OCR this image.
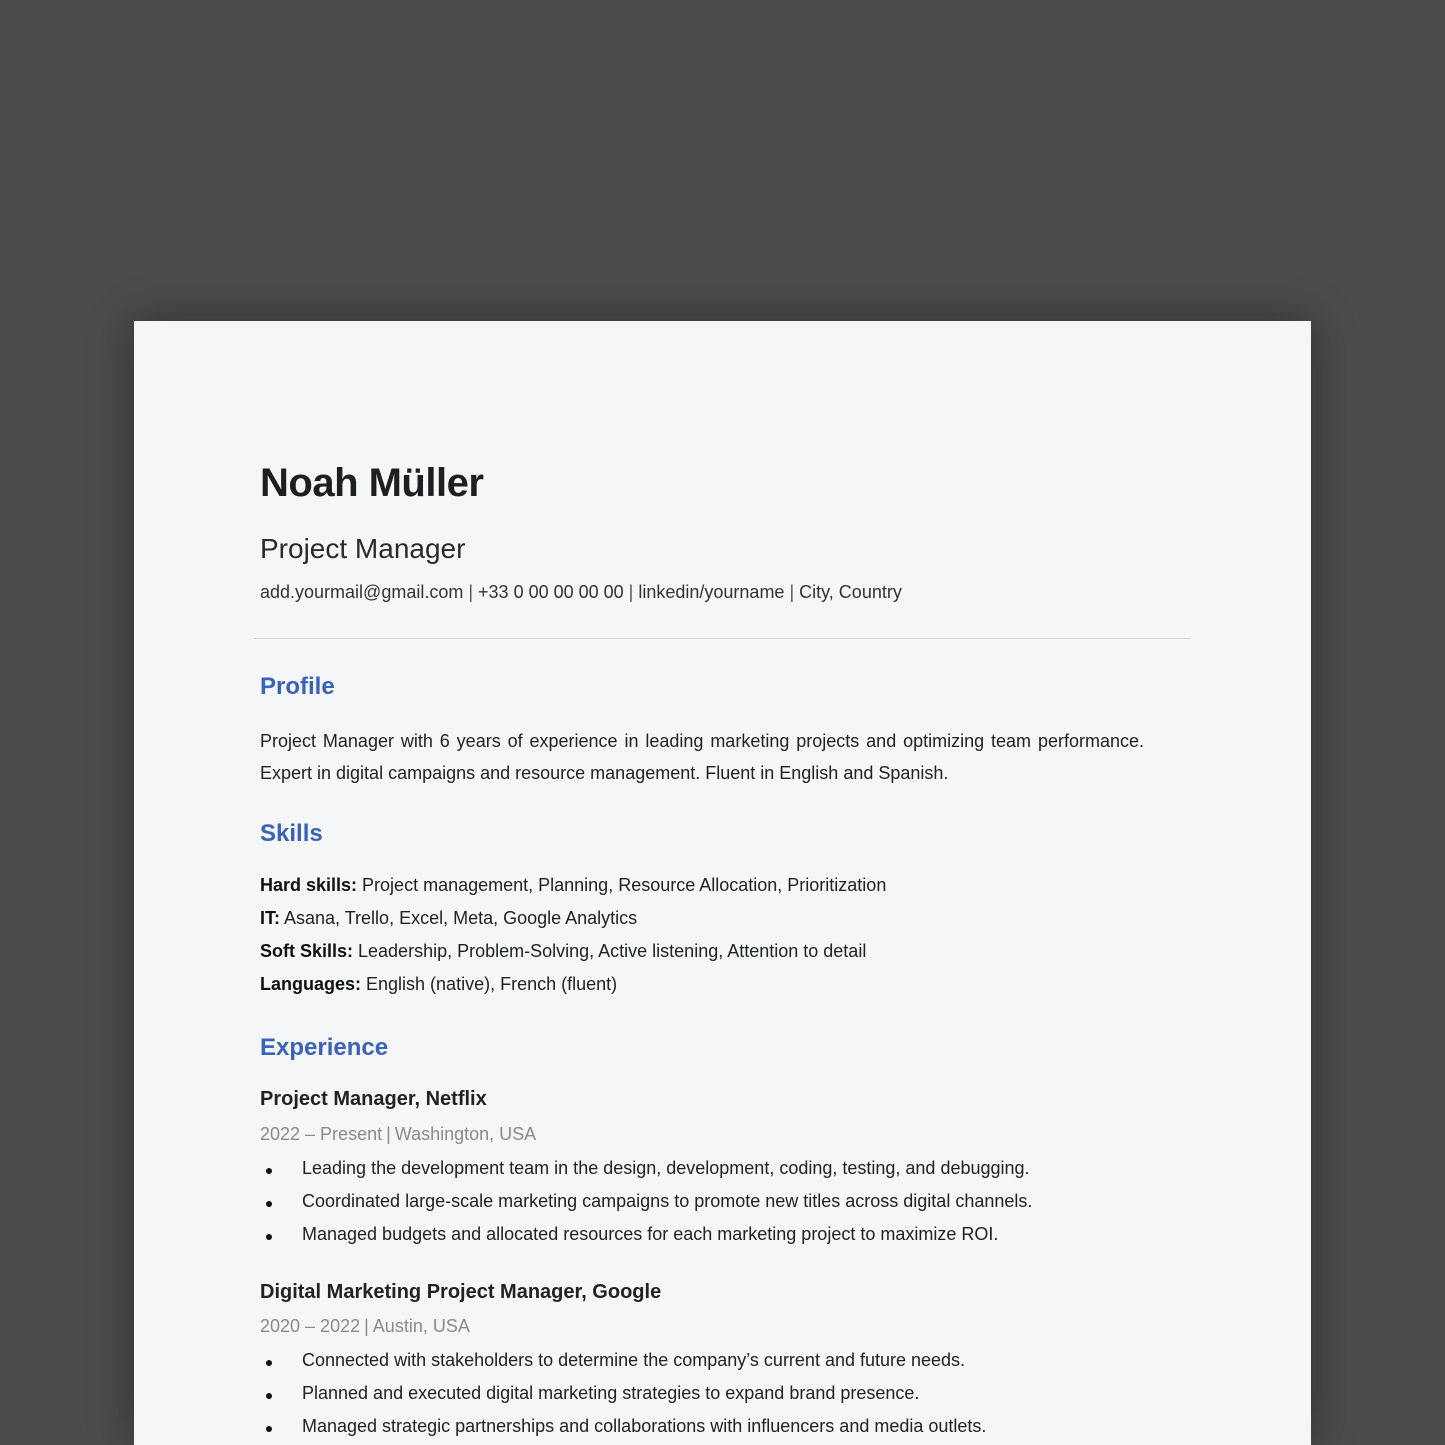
Noah Müller
Project Manager
add.yourmail@gmail.com | +33 0 00 00 00 00 | linkedin/yourname | City, Country
Profile

Project Manager with 6 years of experience in leading marketing projects and optimizing team performance. Expert in digital campaigns and resource management. Fluent in English and Spanish.

Skills
Hard skills: Project management, Planning, Resource Allocation, Prioritization
IT: Asana, Trello, Excel, Meta, Google Analytics
Soft Skills: Leadership, Problem-Solving, Active listening, Attention to detail
Languages: English (native), French (fluent)
Experience
Project Manager, Netflix
2022 – Present | Washington, USA
Leading the development team in the design, development, coding, testing, and debugging.
Coordinated large-scale marketing campaigns to promote new titles across digital channels.
Managed budgets and allocated resources for each marketing project to maximize ROI.
Digital Marketing Project Manager, Google
2020 – 2022 | Austin, USA
Connected with stakeholders to determine the company’s current and future needs.
Planned and executed digital marketing strategies to expand brand presence.
Managed strategic partnerships and collaborations with influencers and media outlets.
